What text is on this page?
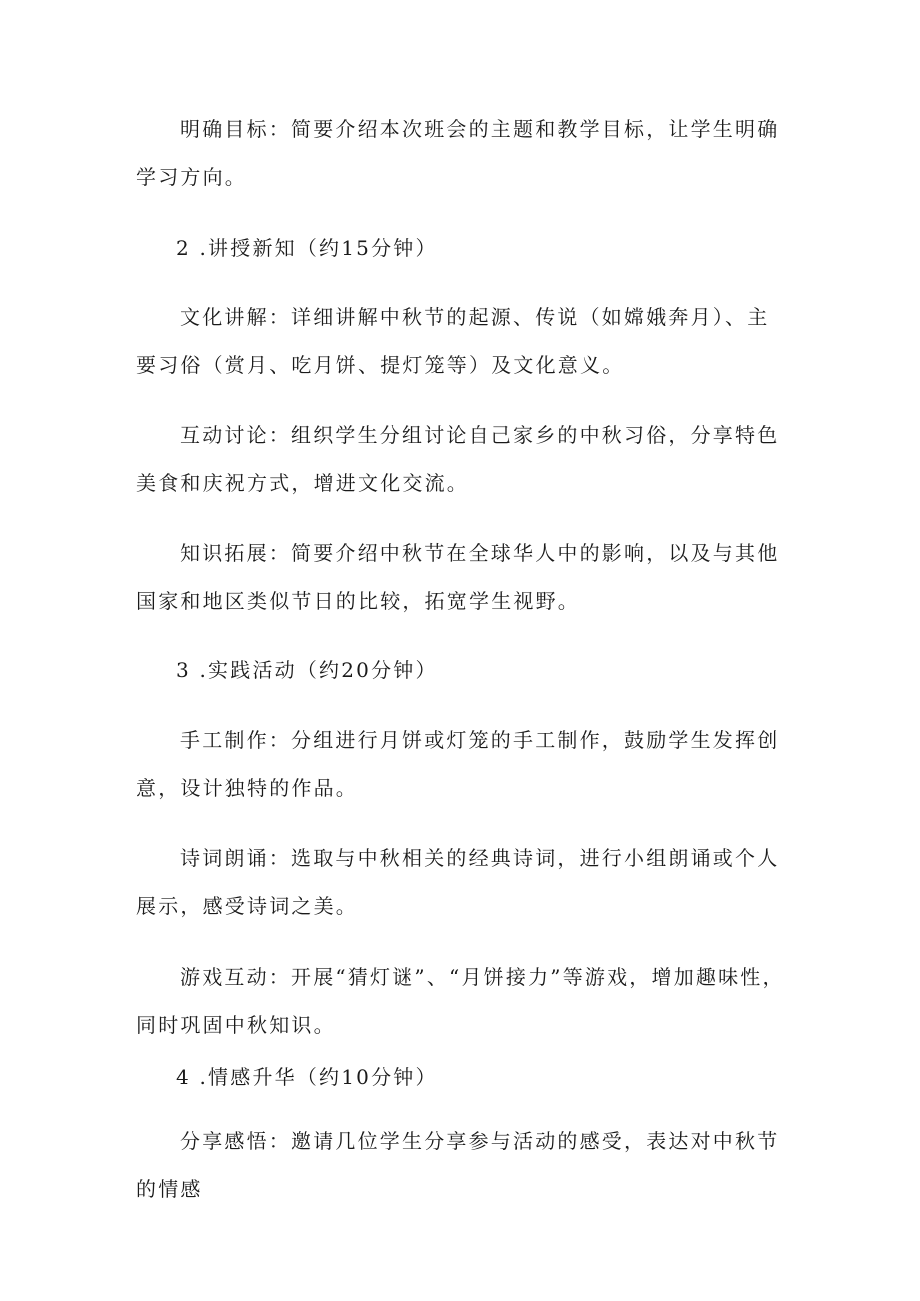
明确目标：简要介绍本次班会的主题和教学目标，让学生明确学习方向。

2 .讲授新知（约15分钟）

文化讲解：详细讲解中秋节的起源、传说（如嫦娥奔月）、主要习俗（赏月、吃月饼、提灯笼等）及文化意义。

互动讨论：组织学生分组讨论自己家乡的中秋习俗，分享特色美食和庆祝方式，增进文化交流。

知识拓展：简要介绍中秋节在全球华人中的影响，以及与其他国家和地区类似节日的比较，拓宽学生视野。

3 .实践活动（约20分钟）

手工制作：分组进行月饼或灯笼的手工制作，鼓励学生发挥创意，设计独特的作品。

诗词朗诵：选取与中秋相关的经典诗词，进行小组朗诵或个人展示，感受诗词之美。

游戏互动：开展“猜灯谜”、“月饼接力”等游戏，增加趣味性，同时巩固中秋知识。

4 .情感升华（约10分钟）

分享感悟：邀请几位学生分享参与活动的感受，表达对中秋节的情感
